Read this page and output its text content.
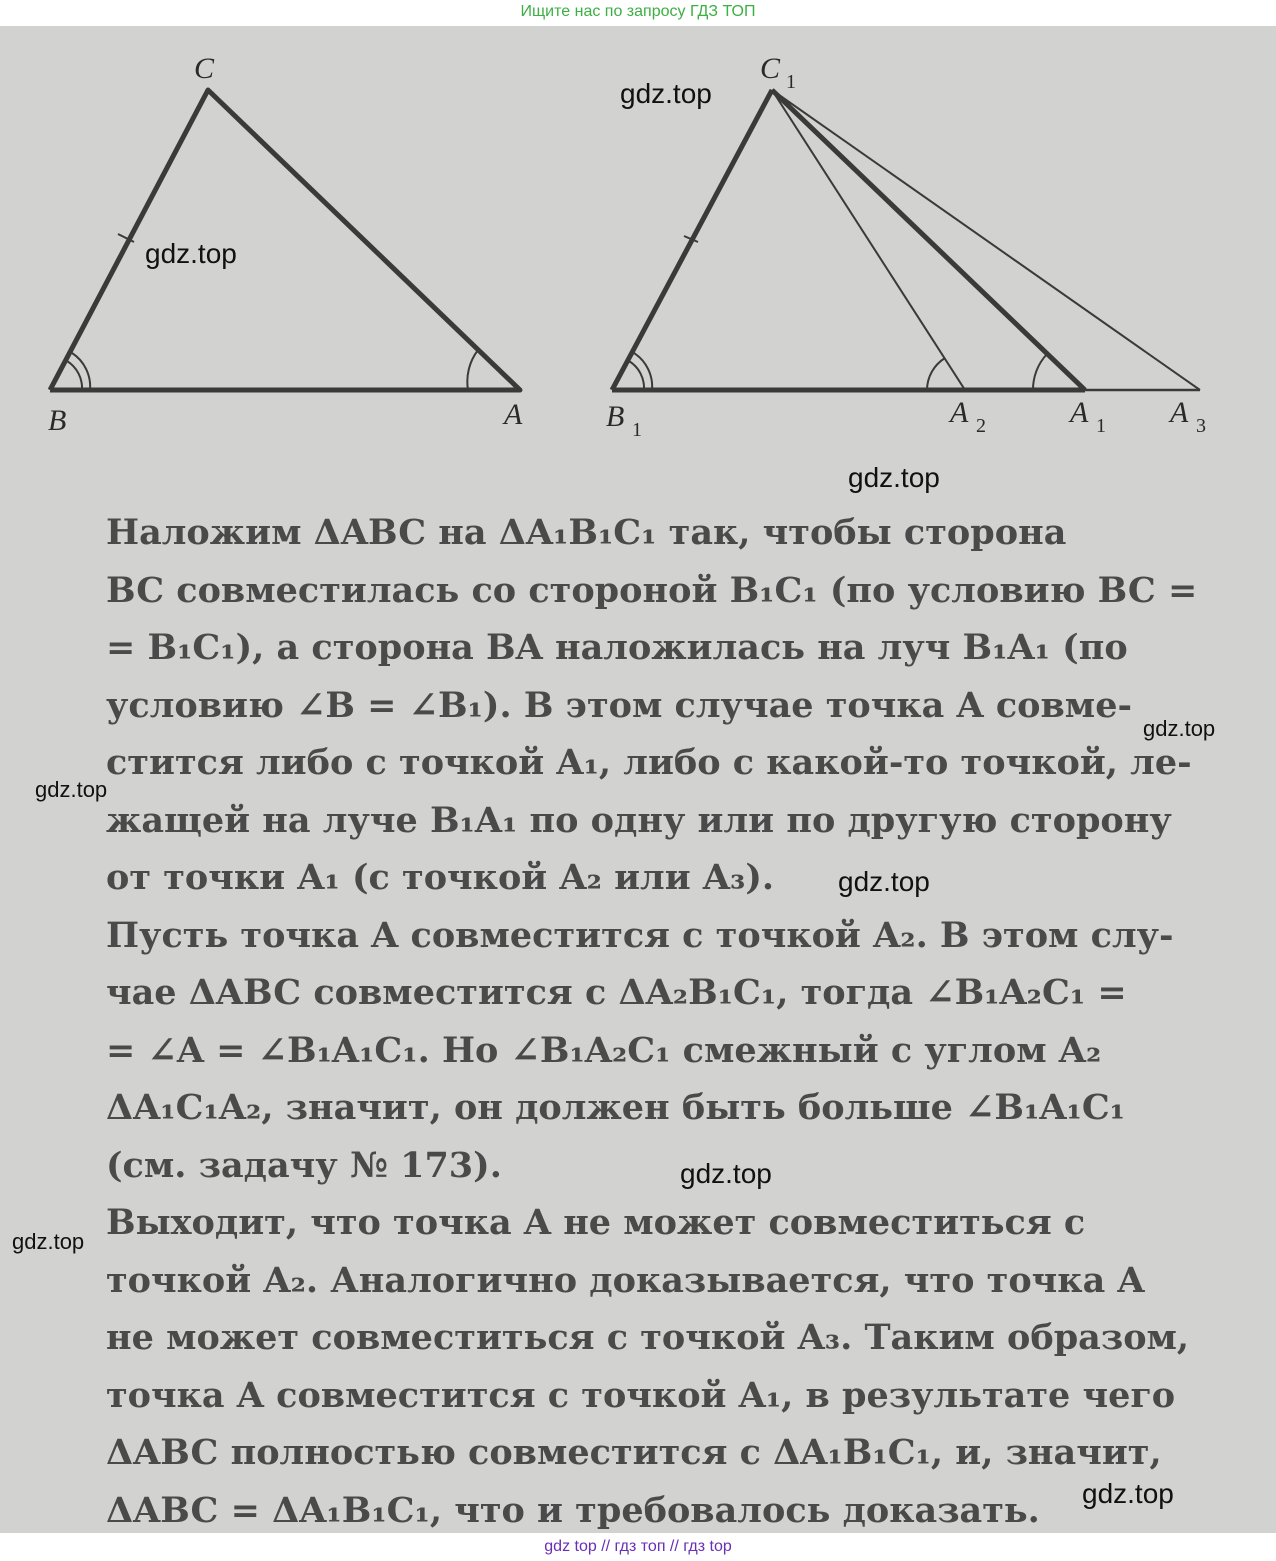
Ищите нас по запросу ГДЗ ТОП
B	A
C
B 1
A 2	A 1 A 3
C 1

Наложим ΔABC на ΔA₁B₁C₁ так, чтобы сторона
BC совместилась со стороной B₁C₁ (по условию BC =
= B₁C₁), а сторона BA наложилась на луч B₁A₁ (по
условию ∠B = ∠B₁). В этом случае точка A совме-
стится либо с точкой A₁, либо с какой-то точкой, ле-
жащей на луче B₁A₁ по одну или по другую сторону
от точки A₁ (с точкой A₂ или A₃).

Пусть точка A совместится с точкой A₂. В этом слу-
чае ΔABC совместится с ΔA₂B₁C₁, тогда ∠B₁A₂C₁ =
= ∠A = ∠B₁A₁C₁. Но ∠B₁A₂C₁ смежный с углом A₂
ΔA₁C₁A₂, значит, он должен быть больше ∠B₁A₁C₁
(см. задачу № 173).

Выходит, что точка A не может совместиться с
точкой A₂. Аналогично доказывается, что точка A
не может совместиться с точкой A₃. Таким образом,
точка A совместится с точкой A₁, в результате чего
ΔABC полностью совместится с ΔA₁B₁C₁, и, значит,
ΔABC = ΔA₁B₁C₁, что и требовалось доказать.

gdz.top
gdz.top
gdz.top
gdz.top
gdz.top
gdz.top
gdz.top
gdz.top
gdz.top
gdz top // гдз топ // гдз top
